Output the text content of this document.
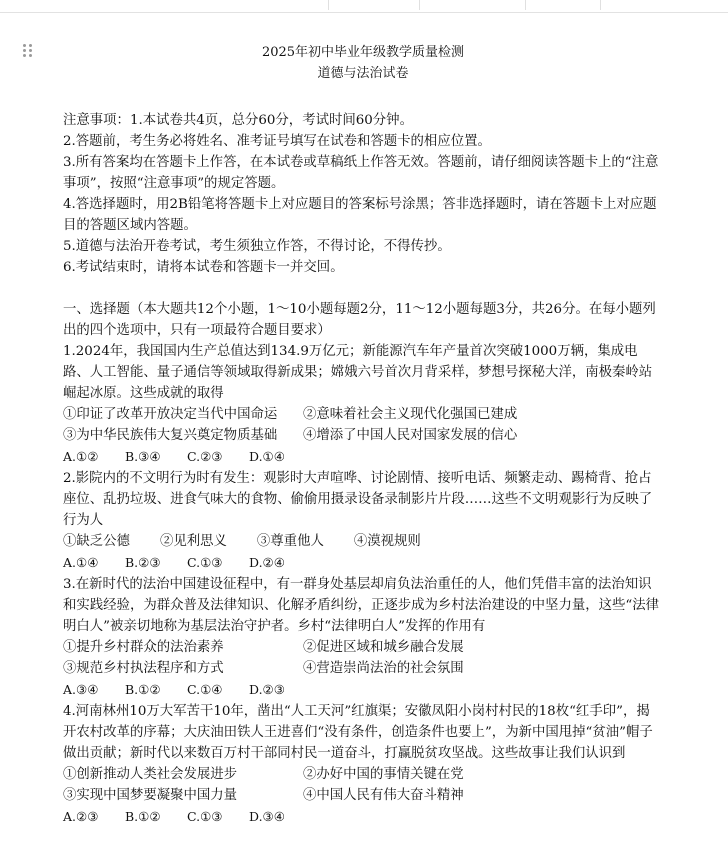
2025年初中毕业年级教学质量检测
道德与法治试卷

注意事项：1.本试卷共4页，总分60分，考试时间60分钟。

2.答题前，考生务必将姓名、准考证号填写在试卷和答题卡的相应位置。

3.所有答案均在答题卡上作答，在本试卷或草稿纸上作答无效。答题前，请仔细阅读答题卡上的“注意事项”，按照“注意事项”的规定答题。

4.答选择题时，用2B铅笔将答题卡上对应题目的答案标号涂黑；答非选择题时，请在答题卡上对应题目的答题区域内答题。

5.道德与法治开卷考试，考生须独立作答，不得讨论，不得传抄。

6.考试结束时，请将本试卷和答题卡一并交回。

一、选择题（本大题共12个小题，1～10小题每题2分，11～12小题每题3分，共26分。在每小题列出的四个选项中，只有一项最符合题目要求）

1.2024年，我国国内生产总值达到134.9万亿元；新能源汽车年产量首次突破1000万辆，集成电路、人工智能、量子通信等领域取得新成果；嫦娥六号首次月背采样，梦想号探秘大洋，南极秦岭站崛起冰原。这些成就的取得

①印证了改革开放决定当代中国命运	②意味着社会主义现代化强国已建成
③为中华民族伟大复兴奠定物质基础	④增添了中国人民对国家发展的信心
A.①② B.③④ C.②③ D.①④

2.影院内的不文明行为时有发生：观影时大声喧哗、讨论剧情、接听电话、频繁走动、踢椅背、抢占座位、乱扔垃圾、进食气味大的食物、偷偷用摄录设备录制影片片段……这些不文明观影行为反映了行为人

①缺乏公德 ②见利思义 ③尊重他人 ④漠视规则
A.①④ B.②③ C.①③ D.②④

3.在新时代的法治中国建设征程中，有一群身处基层却肩负法治重任的人，他们凭借丰富的法治知识和实践经验，为群众普及法律知识、化解矛盾纠纷，正逐步成为乡村法治建设的中坚力量，这些“法律明白人”被亲切地称为基层法治守护者。乡村“法律明白人”发挥的作用有

①提升乡村群众的法治素养	②促进区域和城乡融合发展
③规范乡村执法程序和方式	④营造崇尚法治的社会氛围
A.③④ B.①② C.①④ D.②③

4.河南林州10万大军苦干10年，凿出“人工天河”红旗渠；安徽凤阳小岗村村民的18枚“红手印”，揭开农村改革的序幕；大庆油田铁人王进喜们“没有条件，创造条件也要上”，为新中国甩掉“贫油”帽子做出贡献；新时代以来数百万村干部同村民一道奋斗，打赢脱贫攻坚战。这些故事让我们认识到

①创新推动人类社会发展进步	②办好中国的事情关键在党
③实现中国梦要凝聚中国力量	④中国人民有伟大奋斗精神
A.②③ B.①② C.①③ D.③④
